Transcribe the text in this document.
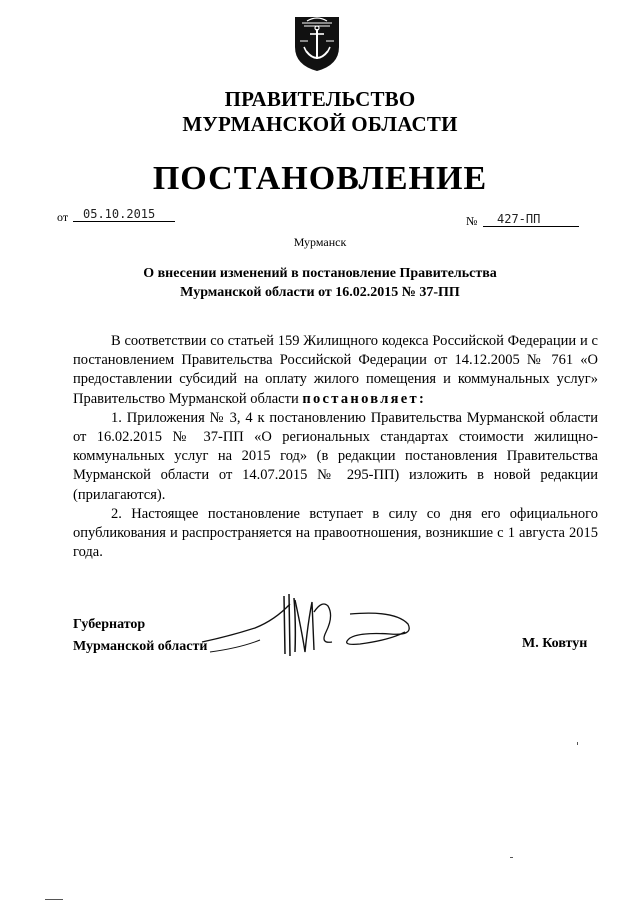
ПРАВИТЕЛЬСТВО
МУРМАНСКОЙ ОБЛАСТИ
ПОСТАНОВЛЕНИЕ
от	05.10.2015	№	427-ПП
Мурманск
О внесении изменений в постановление Правительства Мурманской области от 16.02.2015 № 37-ПП

В соответствии со статьей 159 Жилищного кодекса Российской Федерации и с постановлением Правительства Российской Федерации от 14.12.2005 № 761 «О предоставлении субсидий на оплату жилого помещения и коммунальных услуг» Правительство Мурманской области постановляет:

1. Приложения № 3, 4 к постановлению Правительства Мурманской области от 16.02.2015 № 37-ПП «О региональных стандартах стоимости жилищно-коммунальных услуг на 2015 год» (в редакции постановления Правительства Мурманской области от 14.07.2015 № 295-ПП) изложить в новой редакции (прилагаются).

2. Настоящее постановление вступает в силу со дня его официального опубликования и распространяется на правоотношения, возникшие с 1 августа 2015 года.

Губернатор
Мурманской области	М. Ковтун
